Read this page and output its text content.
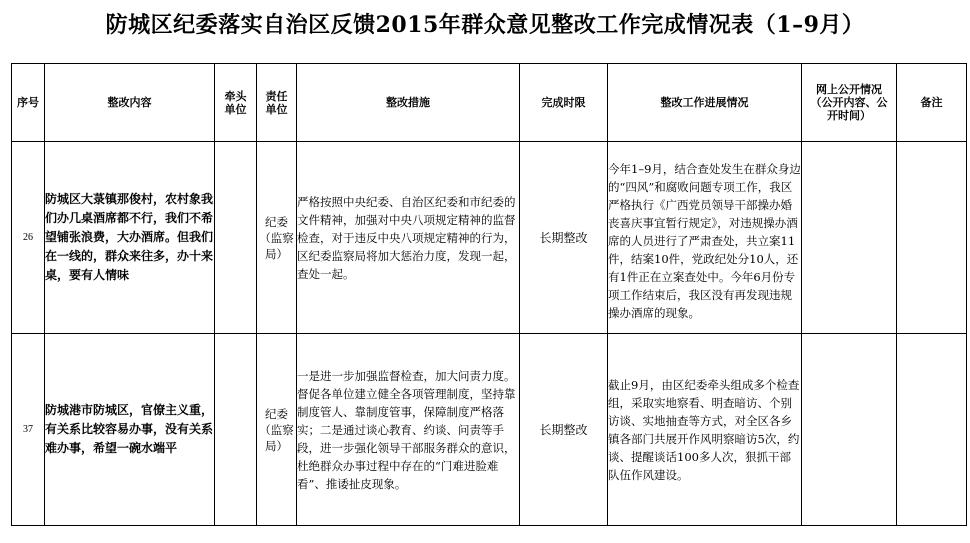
防城区纪委落实自治区反馈2015年群众意见整改工作完成情况表（1–9月）
序号	整改内容	牵头单位	责任单位	整改措施	完成时限	整改工作进展情况	网上公开情况（公开内容、公开时间）	备注
26	防城区大菉镇那俊村，农村象我们办几桌酒席都不行，我们不希望铺张浪费，大办酒席。但我们在一线的，群众来往多，办十来桌，要有人情味		纪委（监察局）	严格按照中央纪委、自治区纪委和市纪委的文件精神，加强对中央八项规定精神的监督检查，对于违反中央八项规定精神的行为，区纪委监察局将加大惩治力度，发现一起，查处一起。	长期整改	今年1–9月，结合查处发生在群众身边的“四风”和腐败问题专项工作，我区严格执行《广西党员领导干部操办婚丧喜庆事宜暂行规定》，对违规操办酒席的人员进行了严肃查处，共立案11件，结案10件，党政纪处分10人，还有1件正在立案查处中。今年6月份专项工作结束后，我区没有再发现违规操办酒席的现象。		

37	防城港市防城区，官僚主义重，有关系比较容易办事，没有关系难办事，希望一碗水端平		纪委（监察局）	一是进一步加强监督检查，加大问责力度。督促各单位建立健全各项管理制度，坚持靠制度管人、靠制度管事，保障制度严格落实；二是通过谈心教育、约谈、问责等手段，进一步强化领导干部服务群众的意识，杜绝群众办事过程中存在的“门难进脸难看”、推诿扯皮现象。	长期整改	截止9月，由区纪委牵头组成多个检查组，采取实地察看、明查暗访、个别访谈、实地抽查等方式，对全区各乡镇各部门共展开作风明察暗访5次，约谈、提醒谈话100多人次，狠抓干部队伍作风建设。		
